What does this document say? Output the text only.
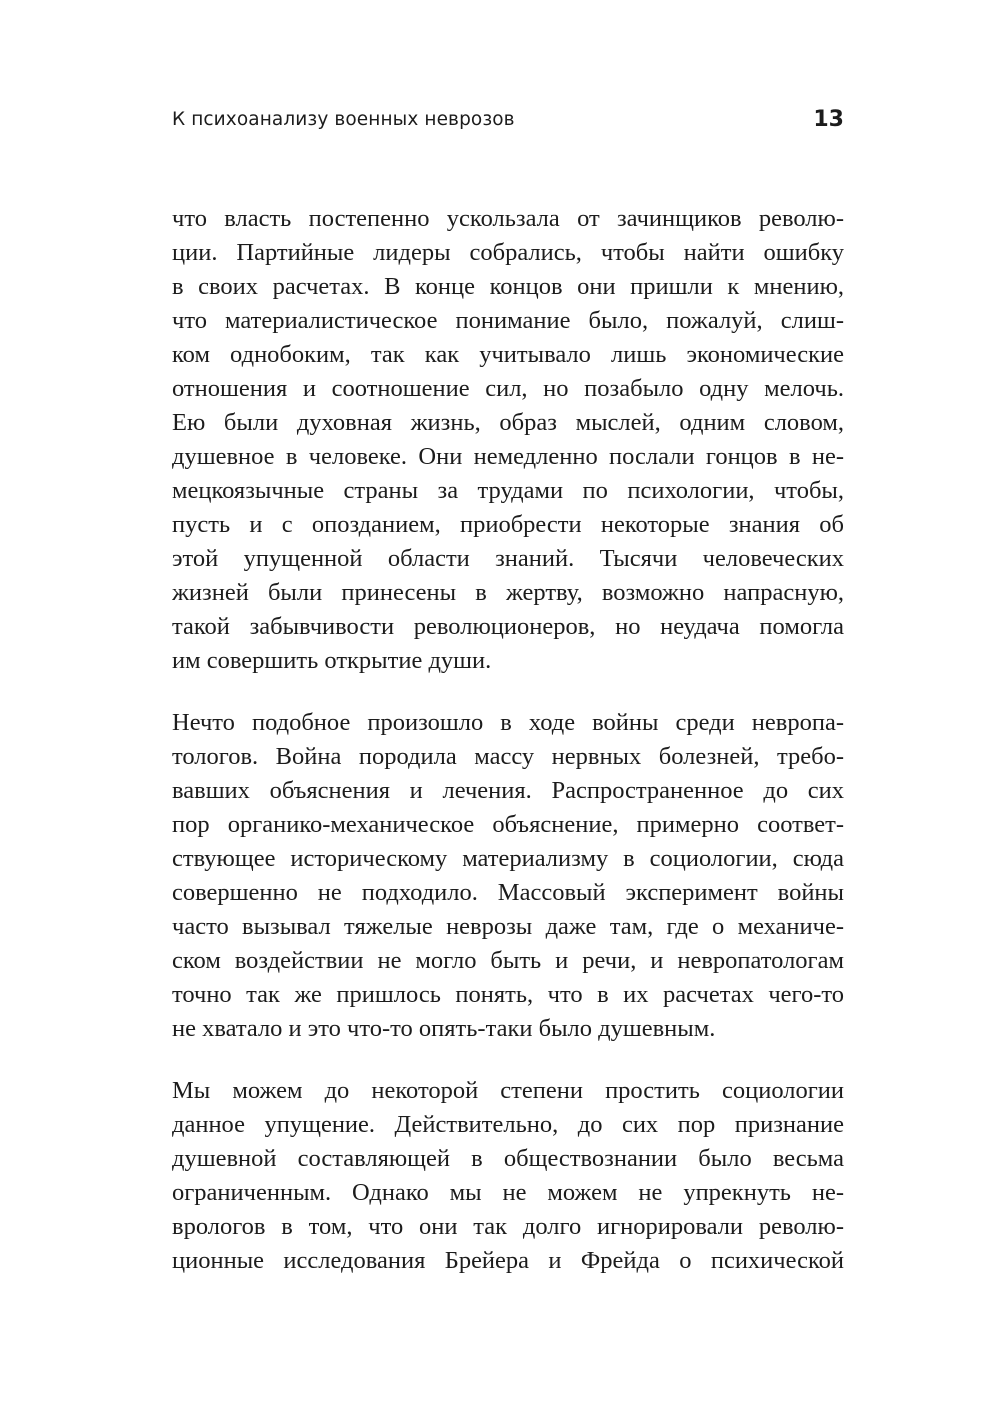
К психоанализу военных неврозов	13
что власть постепенно ускользала от зачинщиков револю-
ции. Партийные лидеры собрались, чтобы найти ошибку
в своих расчетах. В конце концов они пришли к мнению,
что материалистическое понимание было, пожалуй, слиш-
ком однобоким, так как учитывало лишь экономические
отношения и соотношение сил, но позабыло одну мелочь.
Ею были духовная жизнь, образ мыслей, одним словом,
душевное в человеке. Они немедленно послали гонцов в не-
мецкоязычные страны за трудами по психологии, чтобы,
пусть и с опозданием, приобрести некоторые знания об
этой упущенной области знаний. Тысячи человеческих
жизней были принесены в жертву, возможно напрасную,
такой забывчивости революционеров, но неудача помогла
им совершить открытие души.
Нечто подобное произошло в ходе войны среди невропа-
тологов. Война породила массу нервных болезней, требо-
вавших объяснения и лечения. Распространенное до сих
пор органико-механическое объяснение, примерно соответ-
ствующее историческому материализму в социологии, сюда
совершенно не подходило. Массовый эксперимент войны
часто вызывал тяжелые неврозы даже там, где о механиче-
ском воздействии не могло быть и речи, и невропатологам
точно так же пришлось понять, что в их расчетах чего-то
не хватало и это что-то опять-таки было душевным.
Мы можем до некоторой степени простить социологии
данное упущение. Действительно, до сих пор признание
душевной составляющей в обществознании было весьма
ограниченным. Однако мы не можем не упрекнуть не-
врологов в том, что они так долго игнорировали револю-
ционные исследования Брейера и Фрейда о психической
